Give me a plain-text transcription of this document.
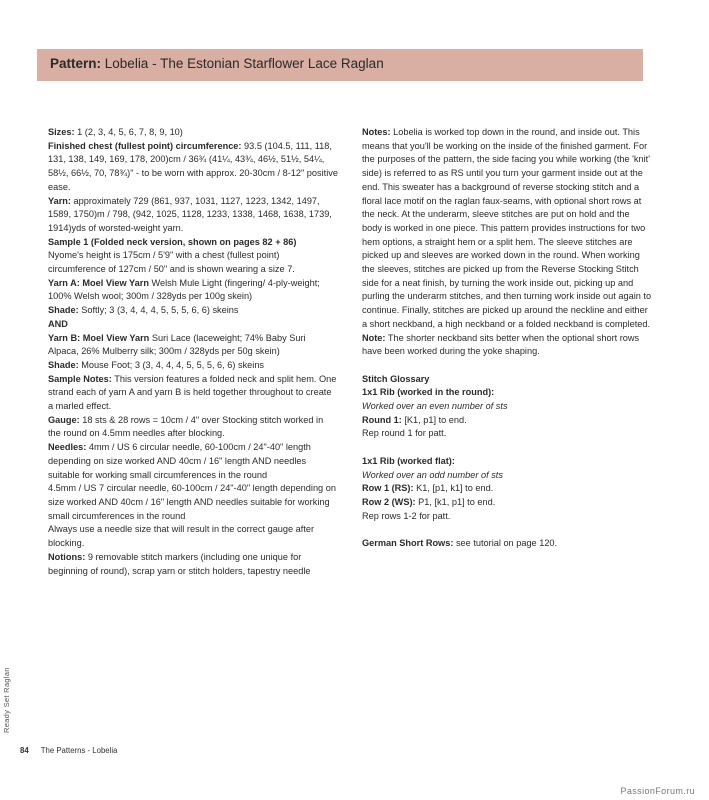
Pattern: Lobelia - The Estonian Starflower Lace Raglan

Sizes: 1 (2, 3, 4, 5, 6, 7, 8, 9, 10)

Finished chest (fullest point) circumference: 93.5 (104.5, 111, 118, 131, 138, 149, 169, 178, 200)cm / 36¾ (41¼, 43¾, 46½, 51½, 54¼, 58½, 66½, 70, 78¾)" - to be worn with approx. 20-30cm / 8-12" positive ease.

Yarn: approximately 729 (861, 937, 1031, 1127, 1223, 1342, 1497, 1589, 1750)m / 798, (942, 1025, 1128, 1233, 1338, 1468, 1638, 1739, 1914)yds of worsted-weight yarn.

Sample 1 (Folded neck version, shown on pages 82 + 86)

Nyome's height is 175cm / 5'9" with a chest (fullest point) circumference of 127cm / 50" and is shown wearing a size 7.

Yarn A: Moel View Yarn Welsh Mule Light (fingering/ 4-ply-weight; 100% Welsh wool; 300m / 328yds per 100g skein)

Shade: Softly; 3 (3, 4, 4, 4, 5, 5, 5, 6, 6) skeins

AND

Yarn B: Moel View Yarn Suri Lace (laceweight; 74% Baby Suri Alpaca, 26% Mulberry silk; 300m / 328yds per 50g skein)

Shade: Mouse Foot; 3 (3, 4, 4, 4, 5, 5, 5, 6, 6) skeins

Sample Notes: This version features a folded neck and split hem. One strand each of yarn A and yarn B is held together throughout to create a marled effect.

Gauge: 18 sts & 28 rows = 10cm / 4" over Stocking stitch worked in the round on 4.5mm needles after blocking.

Needles: 4mm / US 6 circular needle, 60-100cm / 24"-40" length depending on size worked AND 40cm / 16" length AND needles suitable for working small circumferences in the round

4.5mm / US 7 circular needle, 60-100cm / 24"-40" length depending on size worked AND 40cm / 16" length AND needles suitable for working small circumferences in the round

Always use a needle size that will result in the correct gauge after blocking.

Notions: 9 removable stitch markers (including one unique for beginning of round), scrap yarn or stitch holders, tapestry needle

Notes: Lobelia is worked top down in the round, and inside out. This means that you'll be working on the inside of the finished garment. For the purposes of the pattern, the side facing you while working (the 'knit' side) is referred to as RS until you turn your garment inside out at the end. This sweater has a background of reverse stocking stitch and a floral lace motif on the raglan faux-seams, with optional short rows at the neck. At the underarm, sleeve stitches are put on hold and the body is worked in one piece. This pattern provides instructions for two hem options, a straight hem or a split hem. The sleeve stitches are picked up and sleeves are worked down in the round. When working the sleeves, stitches are picked up from the Reverse Stocking Stitch side for a neat finish, by turning the work inside out, picking up and purling the underarm stitches, and then turning work inside out again to continue. Finally, stitches are picked up around the neckline and either a short neckband, a high neckband or a folded neckband is completed.

Note: The shorter neckband sits better when the optional short rows have been worked during the yoke shaping.

Stitch Glossary

1x1 Rib (worked in the round):

Worked over an even number of sts

Round 1: [K1, p1] to end.

Rep round 1 for patt.

1x1 Rib (worked flat):

Worked over an odd number of sts

Row 1 (RS): K1, [p1, k1] to end.

Row 2 (WS): P1, [k1, p1] to end.

Rep rows 1-2 for patt.

German Short Rows: see tutorial on page 120.

Ready Set Raglan
84 The Patterns - Lobelia
PassionForum.ru
